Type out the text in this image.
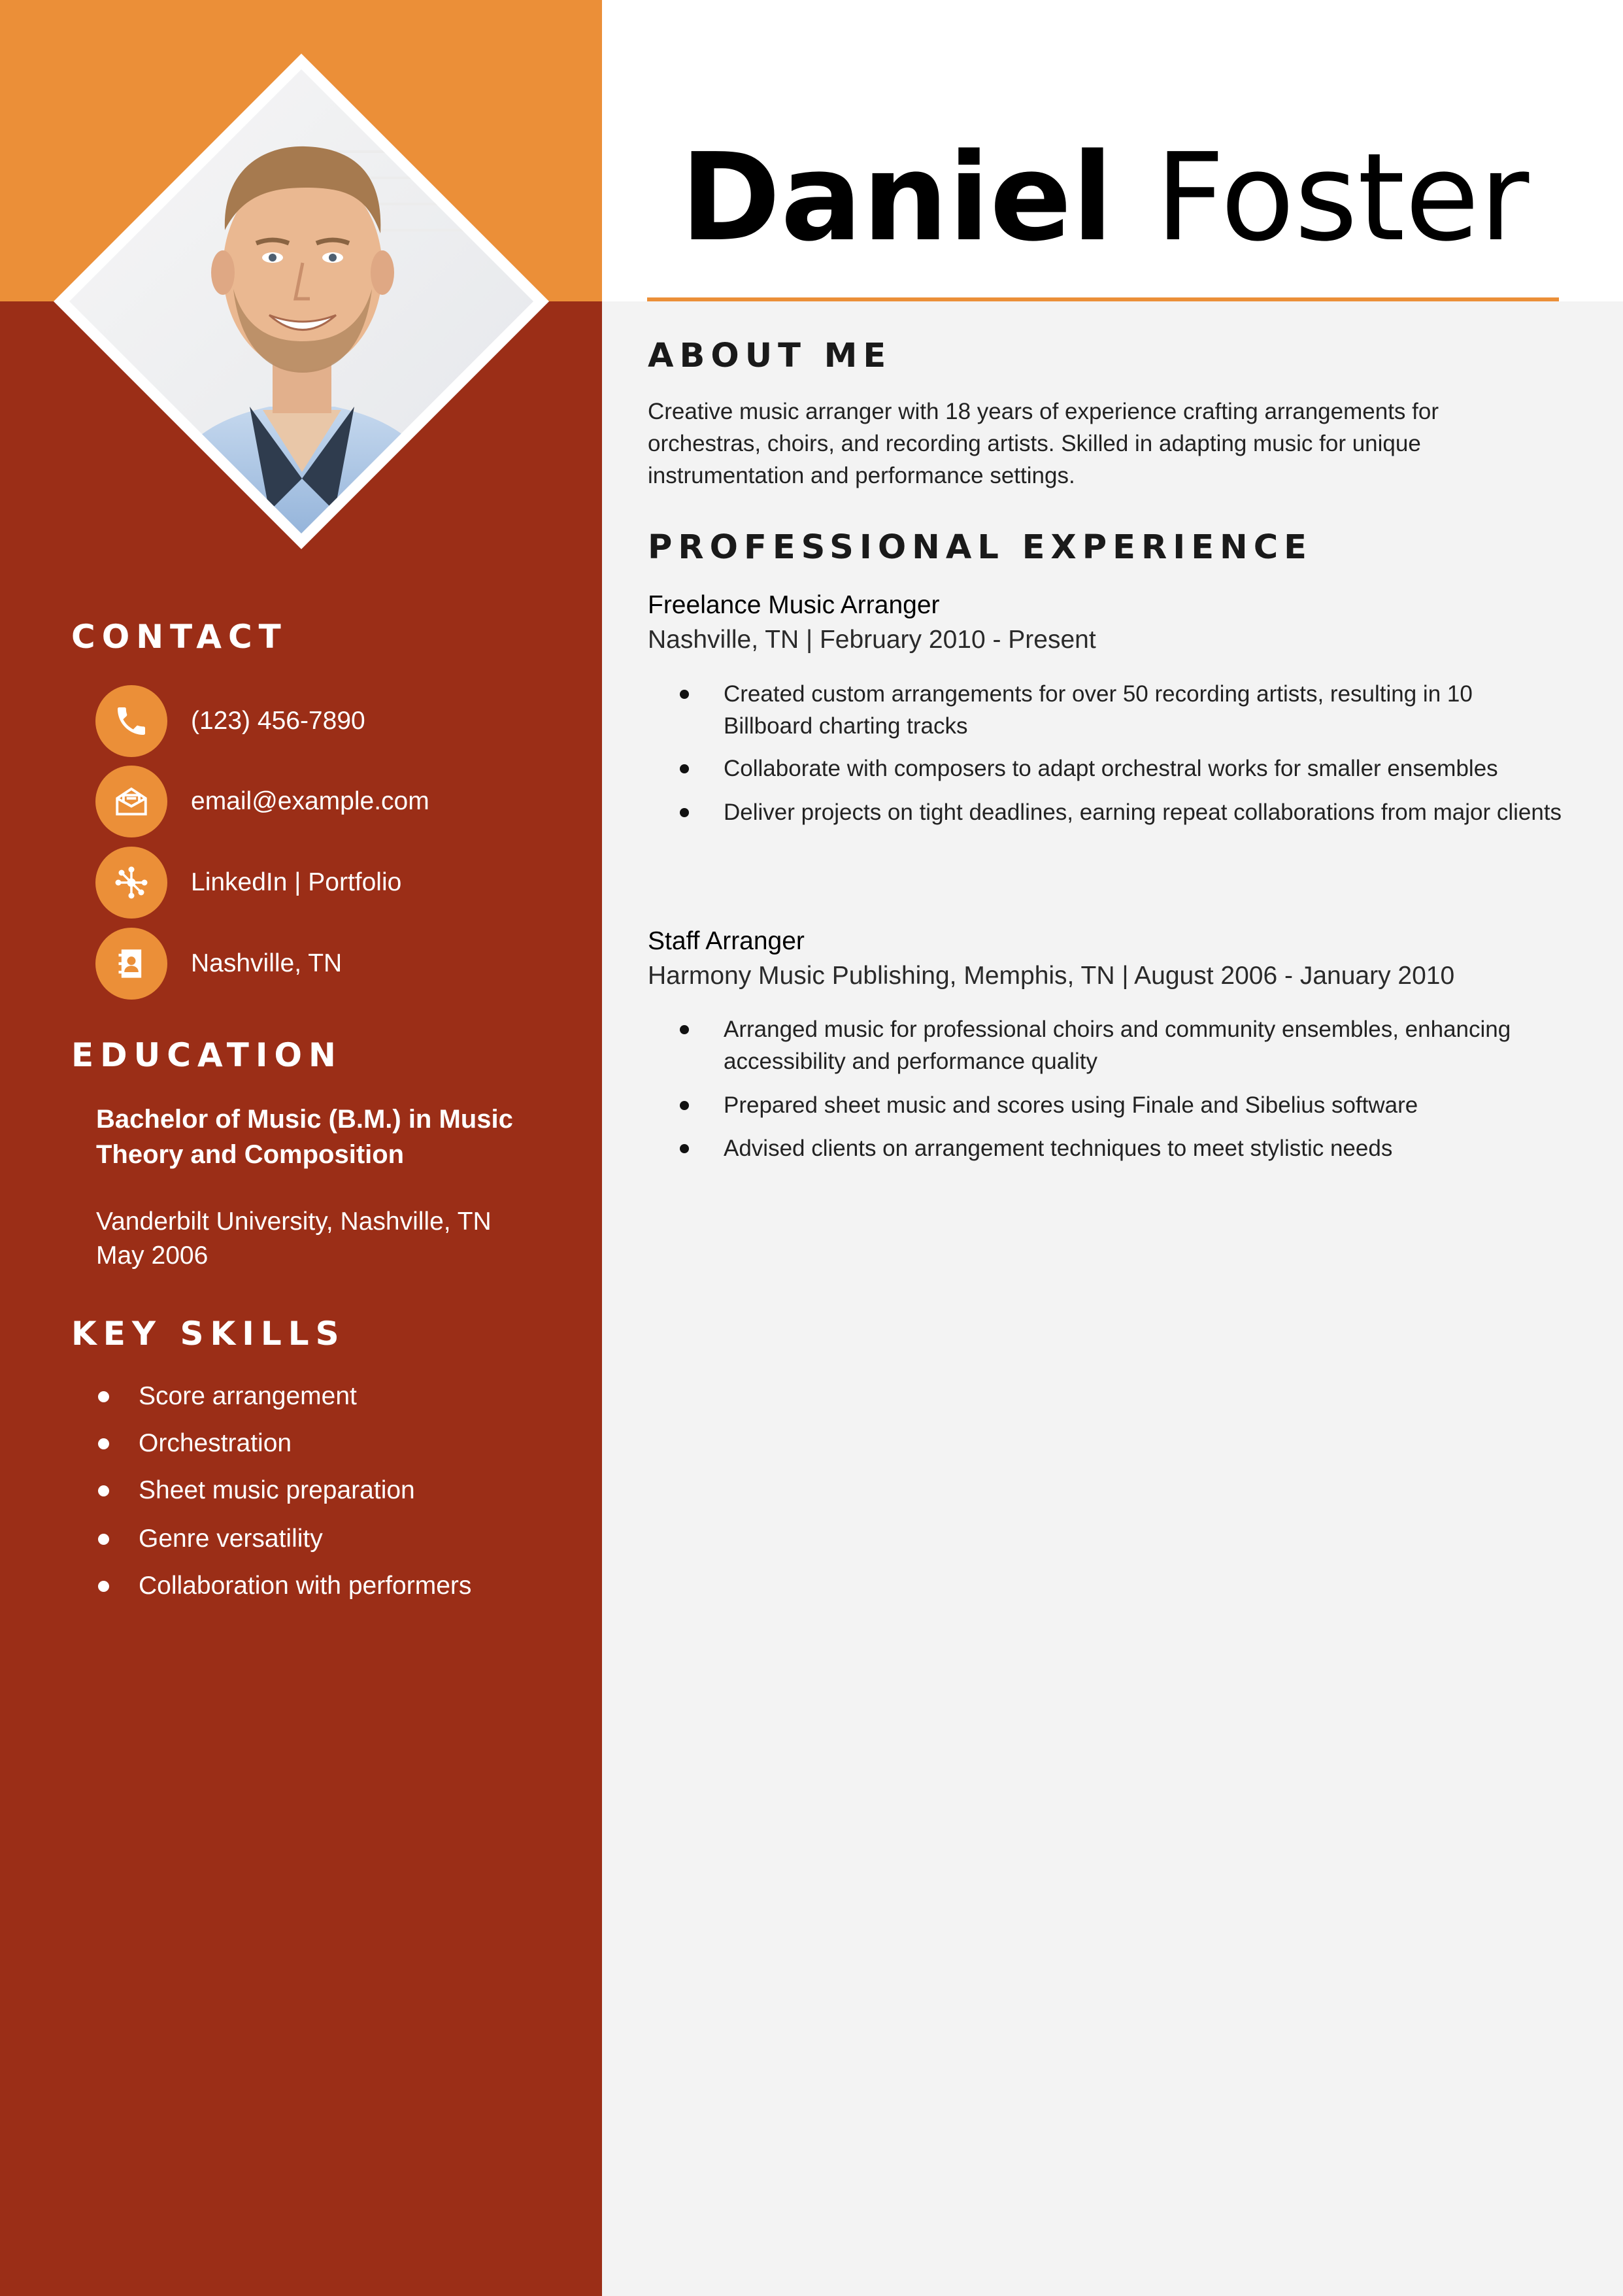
CONTACT
(123) 456-7890
email@example.com
LinkedIn | Portfolio
Nashville, TN
EDUCATION
Bachelor of Music (B.M.) in Music Theory and Composition
Vanderbilt University, Nashville, TN
May 2006
KEY SKILLS
Score arrangement
Orchestration
Sheet music preparation
Genre versatility
Collaboration with performers
Daniel Foster
ABOUT ME

Creative music arranger with 18 years of experience crafting arrangements for orchestras, choirs, and recording artists. Skilled in adapting music for unique instrumentation and performance settings.

PROFESSIONAL EXPERIENCE
Freelance Music Arranger
Nashville, TN | February 2010 - Present
Created custom arrangements for over 50 recording artists, resulting in 10 Billboard charting tracks
Collaborate with composers to adapt orchestral works for smaller ensembles
Deliver projects on tight deadlines, earning repeat collaborations from major clients
Staff Arranger
Harmony Music Publishing, Memphis, TN | August 2006 - January 2010
Arranged music for professional choirs and community ensembles, enhancing accessibility and performance quality
Prepared sheet music and scores using Finale and Sibelius software
Advised clients on arrangement techniques to meet stylistic needs
